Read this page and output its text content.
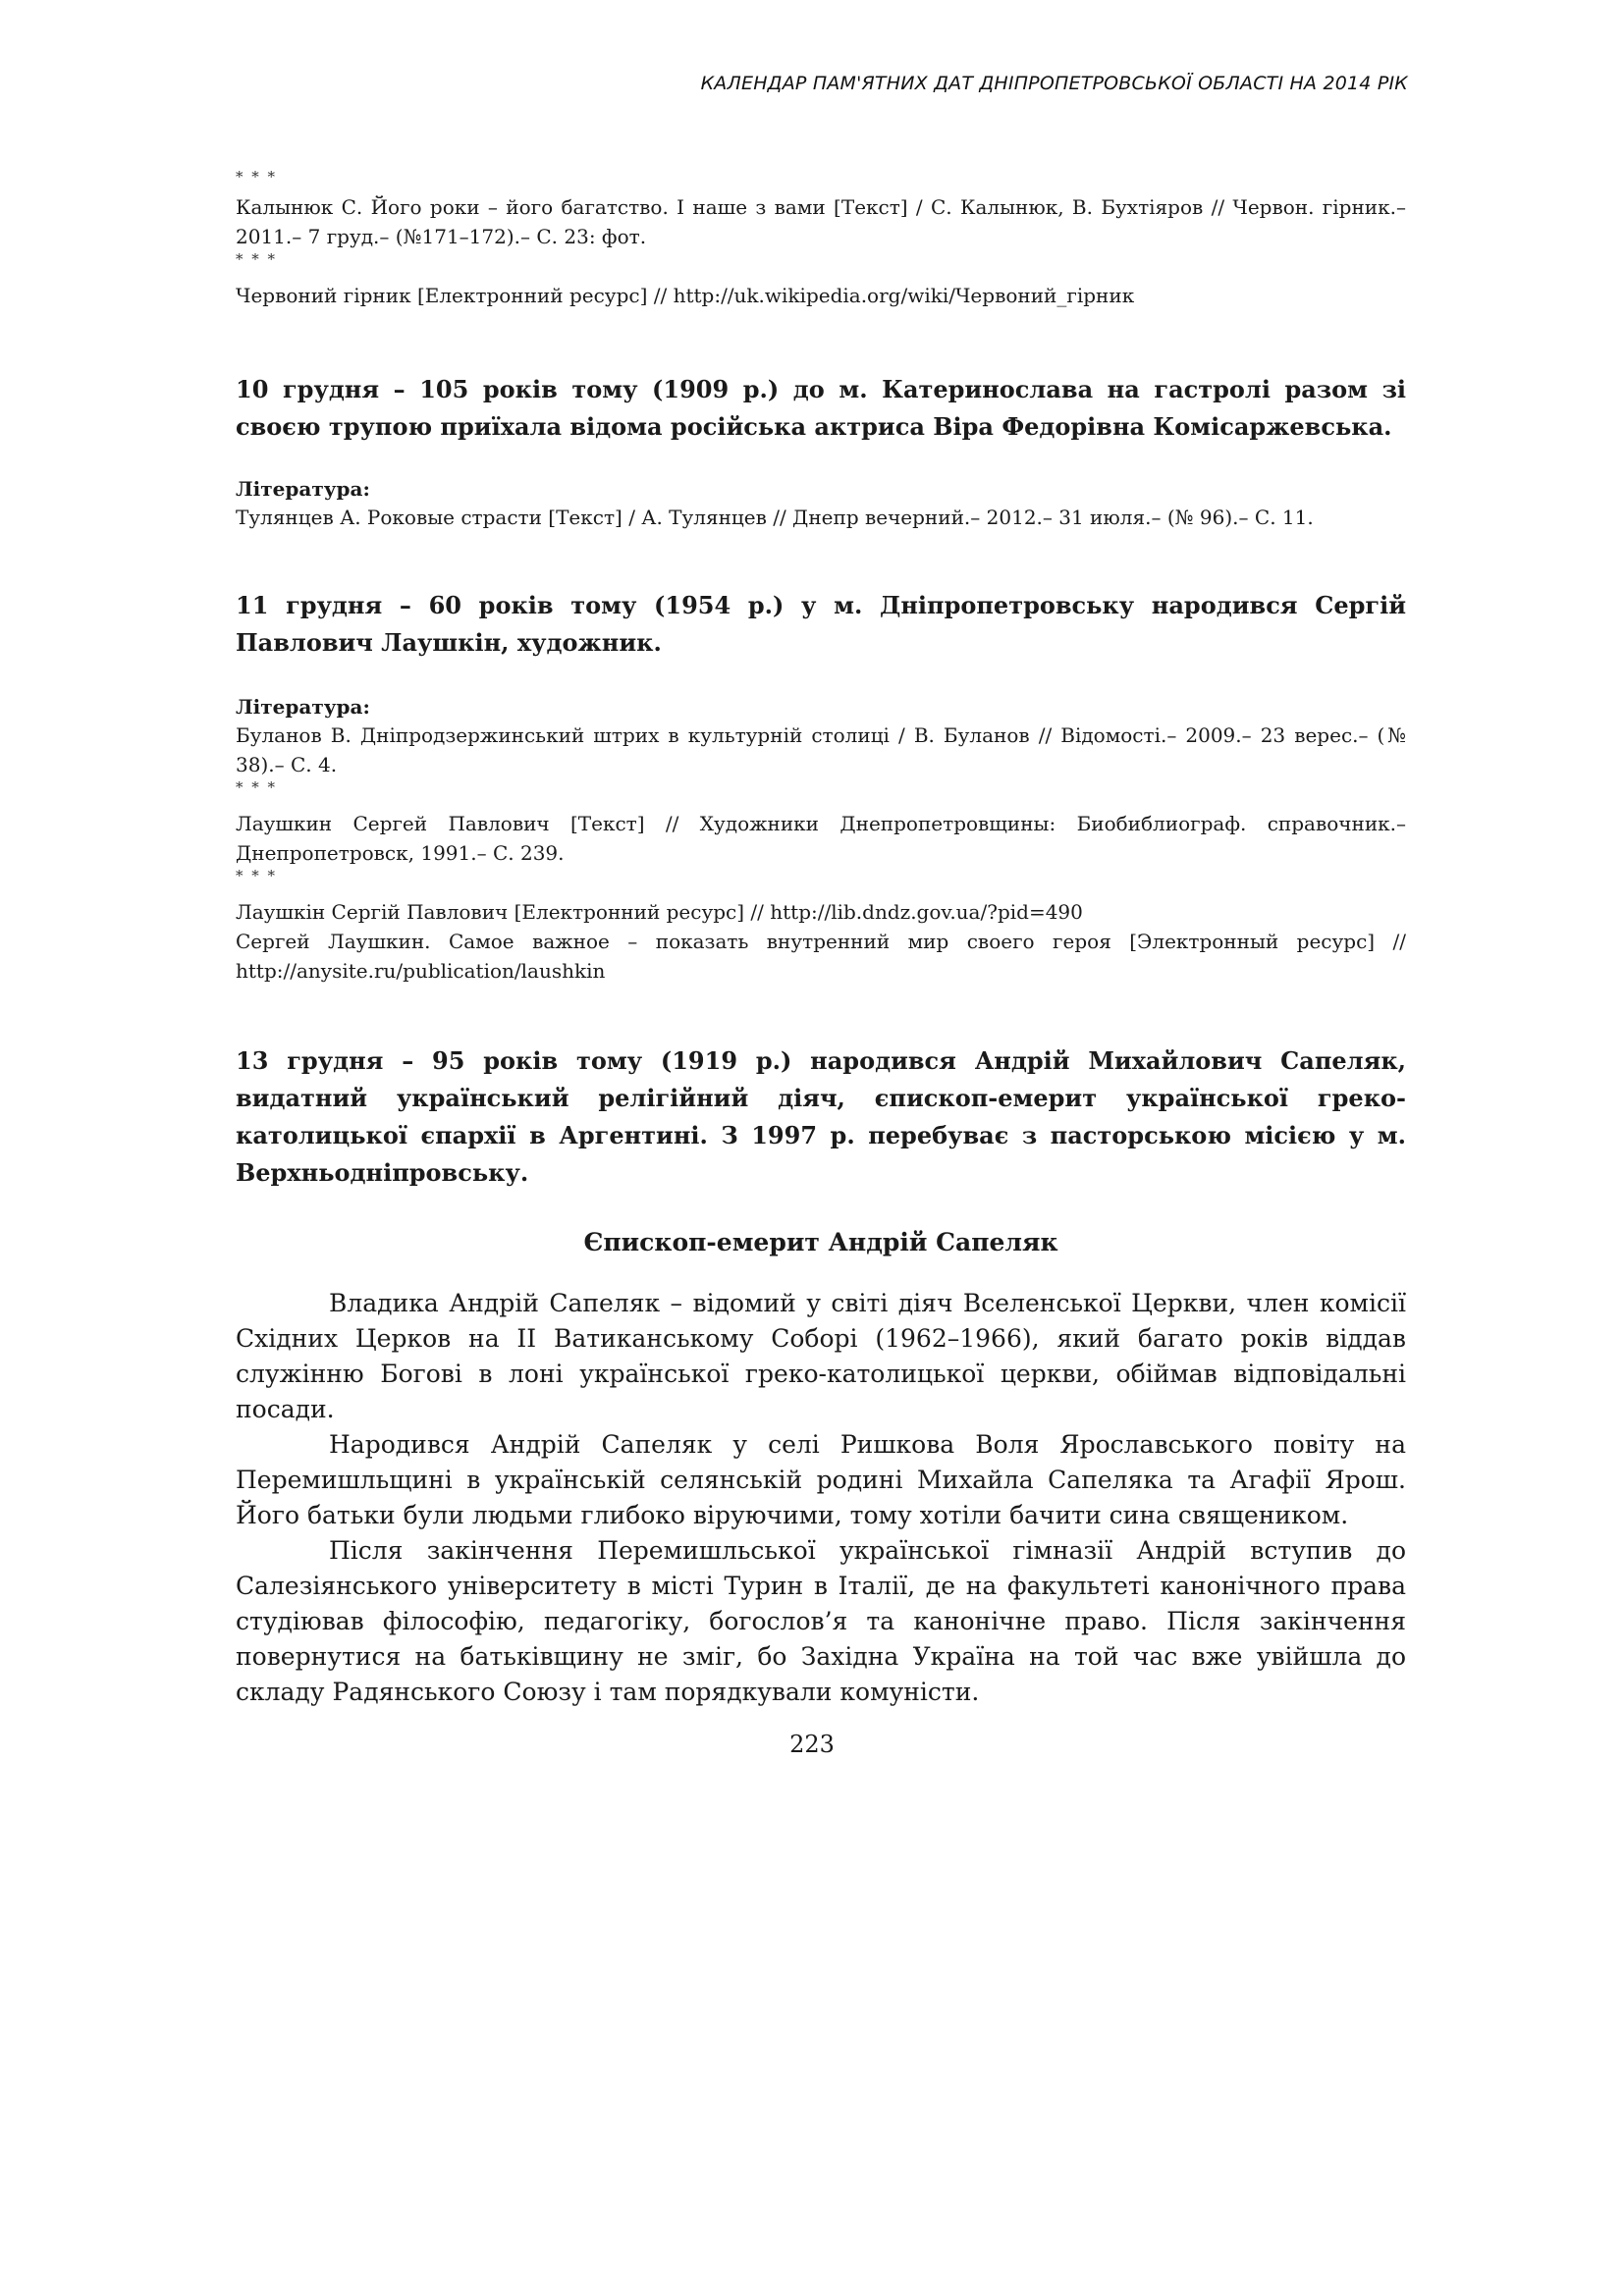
КАЛЕНДАР ПАМ'ЯТНИХ ДАТ ДНІПРОПЕТРОВСЬКОЇ ОБЛАСТІ НА 2014 РІК

* * *

Калынюк С. Його роки – його багатство. І наше з вами [Текст] / С. Калынюк, В. Бухтіяров // Червон. гірник.– 2011.– 7 груд.– (№171–172).– С. 23: фот.

* * *

Червоний гірник [Електронний ресурс] // http://uk.wikipedia.org/wiki/Червоний_гірник

10 грудня – 105 років тому (1909 р.) до м. Катеринослава на гастролі разом зі своєю трупою приїхала відома російська актриса Віра Федорівна Комісаржевська.

Література:

Тулянцев А. Роковые страсти [Текст] / А. Тулянцев // Днепр вечерний.– 2012.– 31 июля.– (№ 96).– С. 11.

11 грудня – 60 років тому (1954 р.) у м. Дніпропетровську народився Сергій Павлович Лаушкін, художник.

Література:

Буланов В. Дніпродзержинський штрих в культурній столиці / В. Буланов // Відомості.– 2009.– 23 верес.– (№ 38).– С. 4.

* * *

Лаушкин Сергей Павлович [Текст] // Художники Днепропетровщины: Биобиблиограф. справочник.– Днепропетровск, 1991.– С. 239.

* * *

Лаушкін Сергій Павлович [Електронний ресурс] // http://lib.dndz.gov.ua/?pid=490

Сергей Лаушкин. Самое важное – показать внутренний мир своего героя [Электронный ресурс] // http://anysite.ru/publication/laushkin

13 грудня – 95 років тому (1919 р.) народився Андрій Михайлович Сапеляк, видатний український релігійний діяч, єпископ-емерит української греко-католицької єпархії в Аргентині. З 1997 р. перебуває з пасторською місією у м. Верхньодніпровську.

Єпископ-емерит Андрій Сапеляк

Владика Андрій Сапеляк – відомий у світі діяч Вселенської Церкви, член комісії Східних Церков на ІІ Ватиканському Соборі (1962–1966), який багато років віддав служінню Богові в лоні української греко-католицької церкви, обіймав відповідальні посади.

Народився Андрій Сапеляк у селі Ришкова Воля Ярославського повіту на Перемишльщині в українській селянській родині Михайла Сапеляка та Агафії Ярош. Його батьки були людьми глибоко віруючими, тому хотіли бачити сина священиком.

Після закінчення Перемишльської української гімназії Андрій вступив до Салезіянського університету в місті Турин в Італії, де на факультеті канонічного права студіював філософію, педагогіку, богослов’я та канонічне право. Після закінчення повернутися на батьківщину не зміг, бо Західна Україна на той час вже увійшла до складу Радянського Союзу і там порядкували комуністи.

223
